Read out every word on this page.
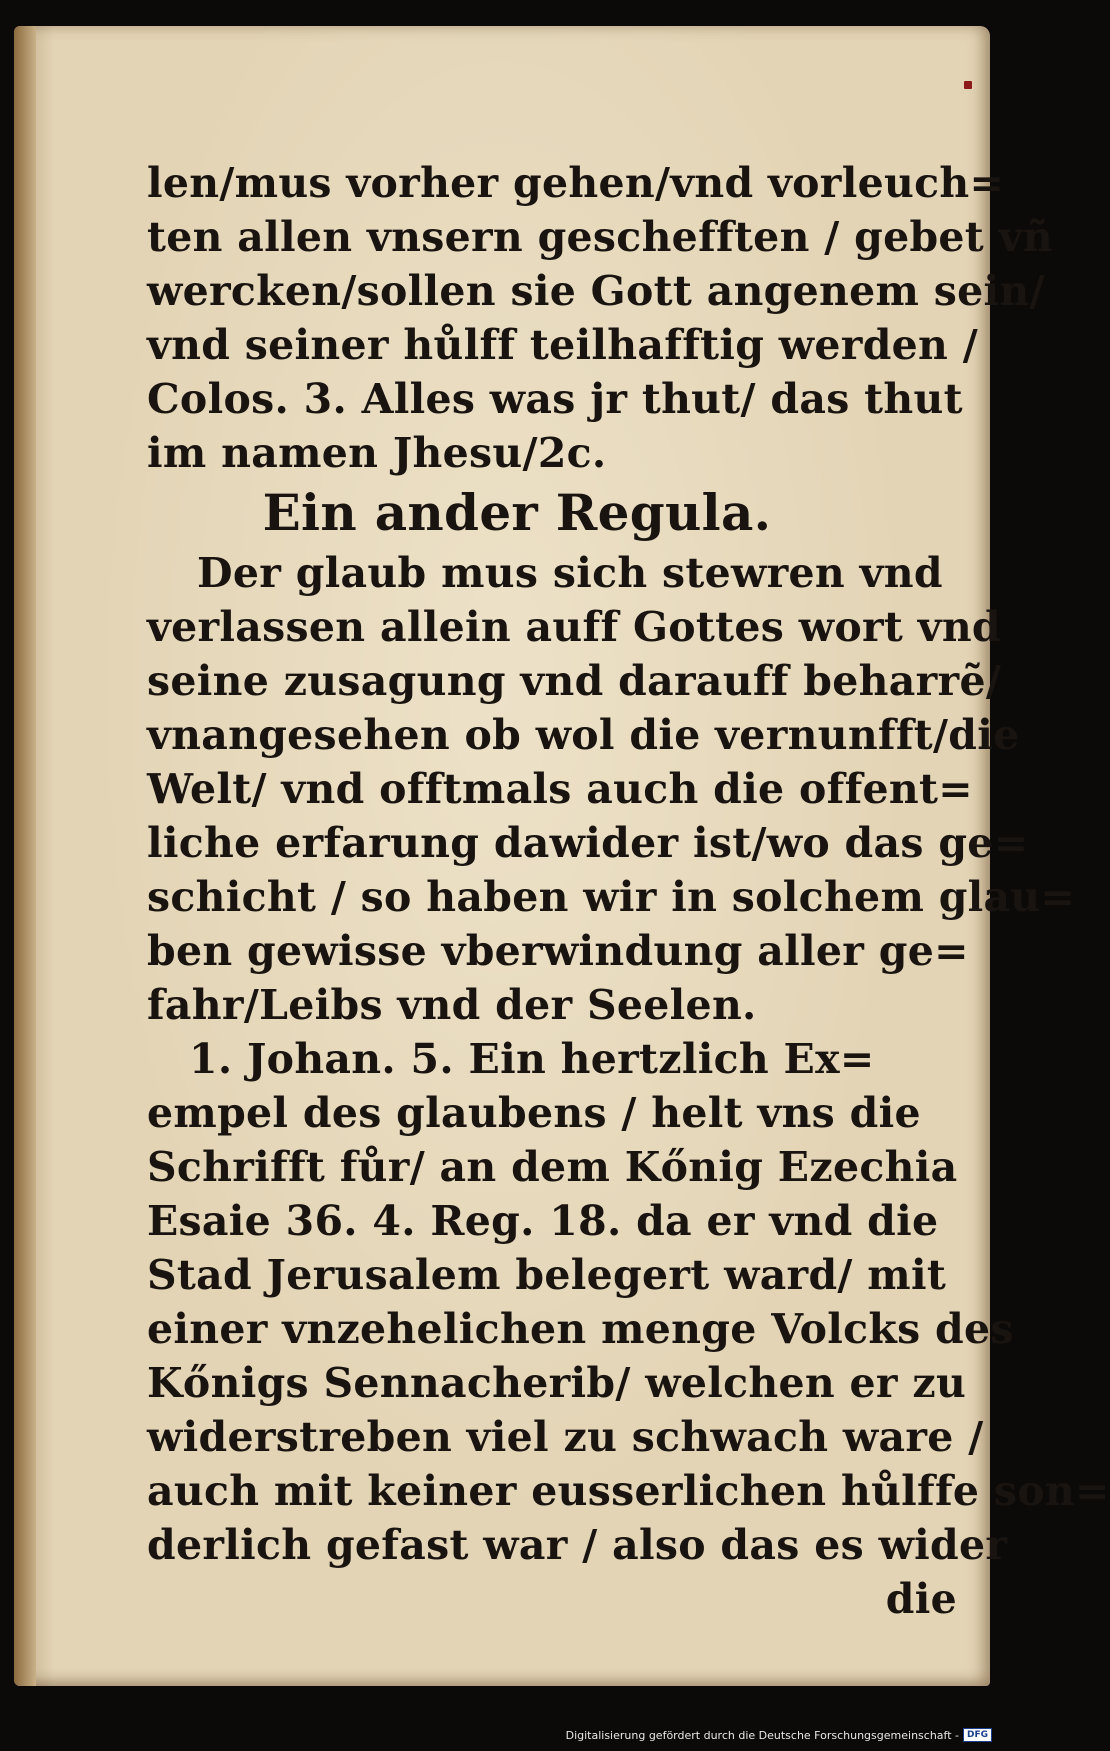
len/mus vorher gehen/vnd vorleuch=
ten allen vnsern geschefften / gebet vñ
wercken/sollen sie Gott angenem sein/
vnd seiner hůlff teilhafftig werden /
Colos. 3. Alles was jr thut/ das thut
im namen Jhesu/2c.
Ein ander Regula.
Der glaub mus sich stewren vnd
verlassen allein auff Gottes wort vnd
seine zusagung vnd darauff beharrẽ/
vnangesehen ob wol die vernunfft/die
Welt/ vnd offtmals auch die offent=
liche erfarung dawider ist/wo das ge=
schicht / so haben wir in solchem glau=
ben gewisse vberwindung aller ge=
fahr/Leibs vnd der Seelen.
1. Johan. 5. Ein hertzlich Ex=
empel des glaubens / helt vns die
Schrifft fůr/ an dem Kőnig Ezechia
Esaie 36. 4. Reg. 18. da er vnd die
Stad Jerusalem belegert ward/ mit
einer vnzehelichen menge Volcks des
Kőnigs Sennacherib/ welchen er zu
widerstreben viel zu schwach ware /
auch mit keiner eusserlichen hůlffe son=
derlich gefast war / also das es wider
die
Digitalisierung gefördert durch die Deutsche Forschungsgemeinschaft - DFG
